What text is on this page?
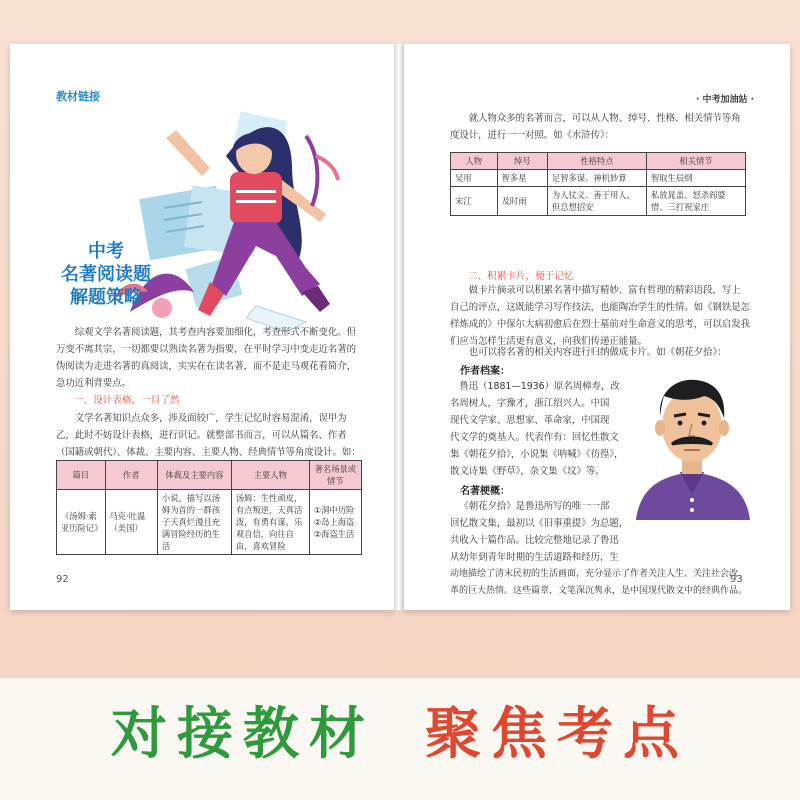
教材链接
中考
名著阅读题
解题策略
综观文学名著阅读题，其考查内容要加细化，考查形式不断变化。但万变不离其宗，一切都要以熟读名著为指要，在平时学习中变走近名著的伪阅读为走进名著的真阅读，实实在在读名著，而不是走马观花看简介，急功近利背要点。
一、设计表格，一目了然
文学名著知识点众多，涉及面较广，学生记忆时容易混淆，误甲为乙，此时不妨设计表格，进行识记。就整部书而言，可以从篇名、作者（国籍或朝代）、体裁、主要内容、主要人物、经典情节等角度设计。如：
篇目	作者	体裁及主要内容	主要人物	著名场景或情节
《汤姆·索亚历险记》	马克·吐温（美国）	小说。描写以汤姆为首的一群孩子天真烂漫且充满冒险经历的生活	汤姆：生性顽皮，有点叛逆，天真活泼，有勇有谋，乐观自信，向往自由，喜欢冒险	①洞中历险②岛上海盗②海盗生活
92
· 中考加油站 ·
就人物众多的名著而言，可以从人物、绰号、性格、相关情节等角度设计，进行一一对照。如《水浒传》：
人物	绰号	性格特点	相关情节
吴用	智多星	足智多谋、神机妙算	智取生辰纲
宋江	及时雨	为人仗义、善于用人，但总想招安	私放晁盖、怒杀阎婆惜、三打祝家庄
二、积累卡片，便于记忆
做卡片摘录可以积累名著中描写精妙、富有哲理的精彩语段，写上自己的评点，这既能学习写作技法，也能陶冶学生的性情。如《钢铁是怎样炼成的》中保尔大病初愈后在烈士墓前对生命意义的思考，可以启发我们应当怎样生活更有意义，向我们传递正能量。
也可以将名著的相关内容进行归纳做成卡片。如《朝花夕拾》：
作者档案：
鲁迅（1881—1936）原名周樟寿，改
名周树人，字豫才，浙江绍兴人。中国
现代文学家、思想家、革命家，中国现
代文学的奠基人。代表作有：回忆性散文
集《朝花夕拾》，小说集《呐喊》《彷徨》，
散文诗集《野草》，杂文集《坟》等。
名著梗概：
《朝花夕拾》是鲁迅所写的唯一一部
回忆散文集，最初以《旧事重提》为总题，
共收入十篇作品。比较完整地记录了鲁迅
从幼年到青年时期的生活道路和经历，生
动地描绘了清末民初的生活画面，充分显示了作者关注人生、关注社会改
革的巨大热情。这些篇章，文笔深沉隽永，是中国现代散文中的经典作品。
93
对接教材 聚焦考点
